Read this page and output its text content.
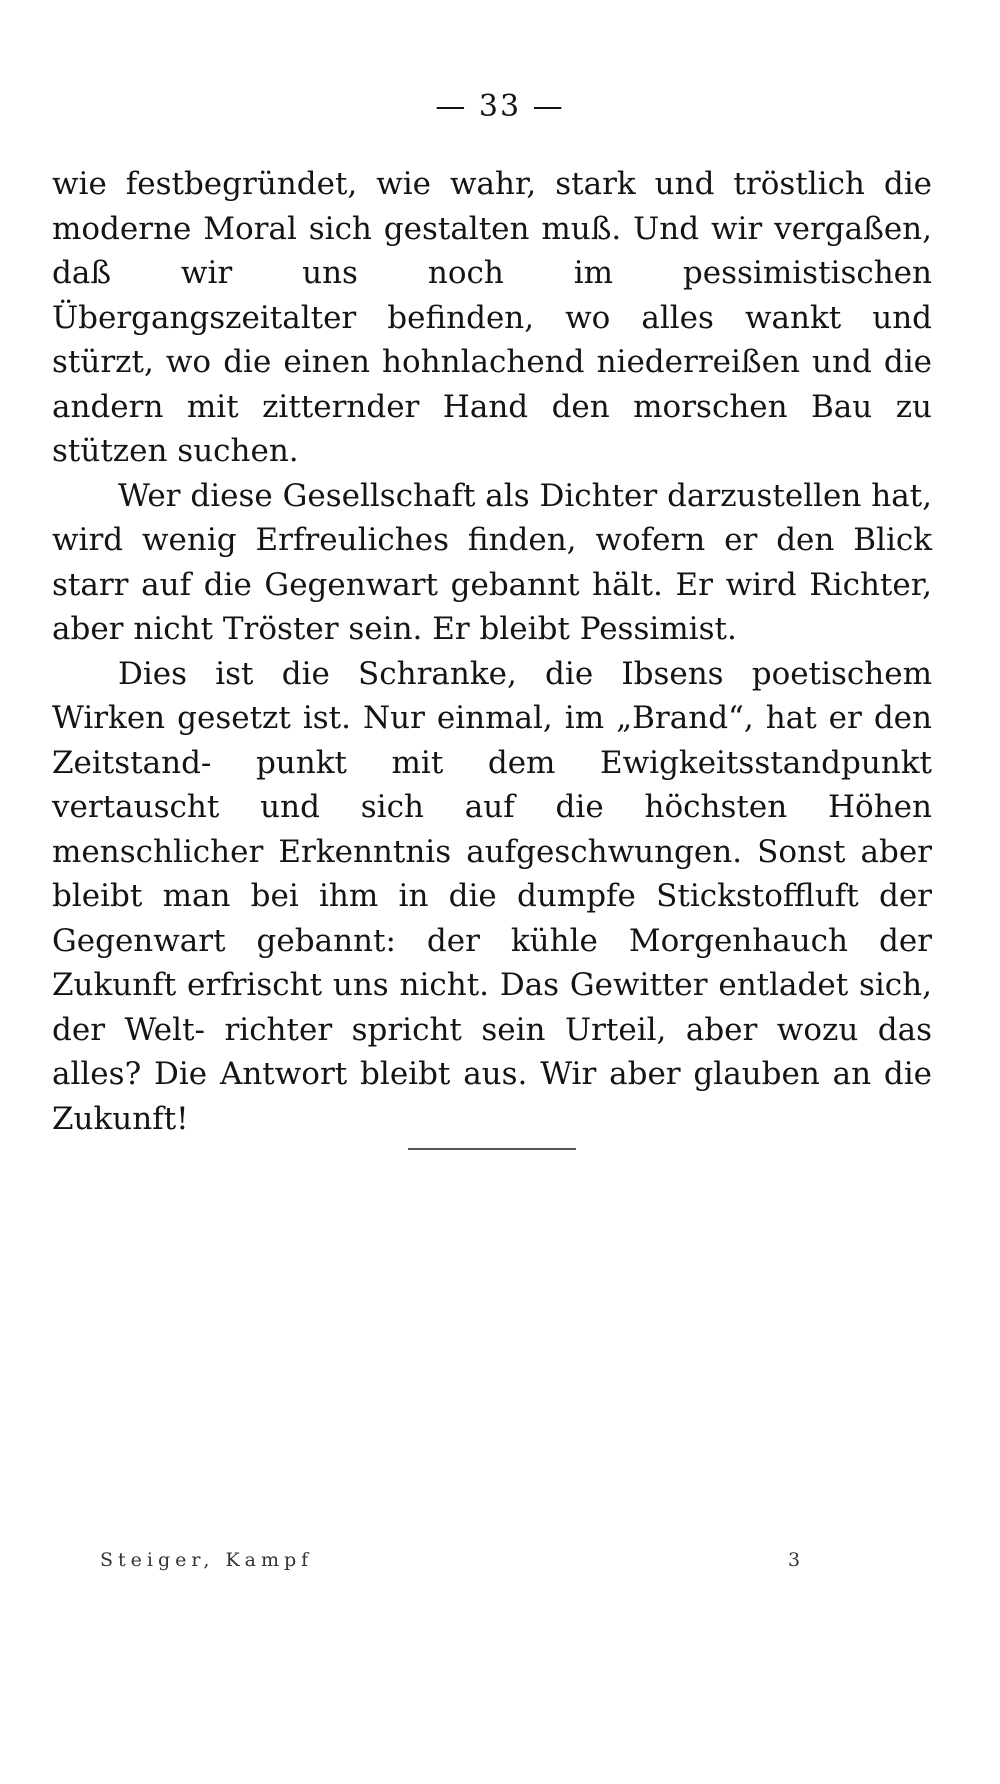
— 33 —

wie festbegründet, wie wahr, stark und tröstlich die moderne Moral sich gestalten muß. Und wir vergaßen, daß wir uns noch im pessimistischen Übergangszeitalter befinden, wo alles wankt und stürzt, wo die einen hohnlachend niederreißen und die andern mit zitternder Hand den morschen Bau zu stützen suchen.

Wer diese Gesellschaft als Dichter darzustellen hat, wird wenig Erfreuliches finden, wofern er den Blick starr auf die Gegenwart gebannt hält. Er wird Richter, aber nicht Tröster sein. Er bleibt Pessimist.

Dies ist die Schranke, die Ibsens poetischem Wirken gesetzt ist. Nur einmal, im „Brand“, hat er den Zeitstand- punkt mit dem Ewigkeitsstandpunkt vertauscht und sich auf die höchsten Höhen menschlicher Erkenntnis aufgeschwungen. Sonst aber bleibt man bei ihm in die dumpfe Stickstoffluft der Gegenwart gebannt: der kühle Morgenhauch der Zukunft erfrischt uns nicht. Das Gewitter entladet sich, der Welt- richter spricht sein Urteil, aber wozu das alles? Die Antwort bleibt aus. Wir aber glauben an die Zukunft!

Steiger, Kampf	3
